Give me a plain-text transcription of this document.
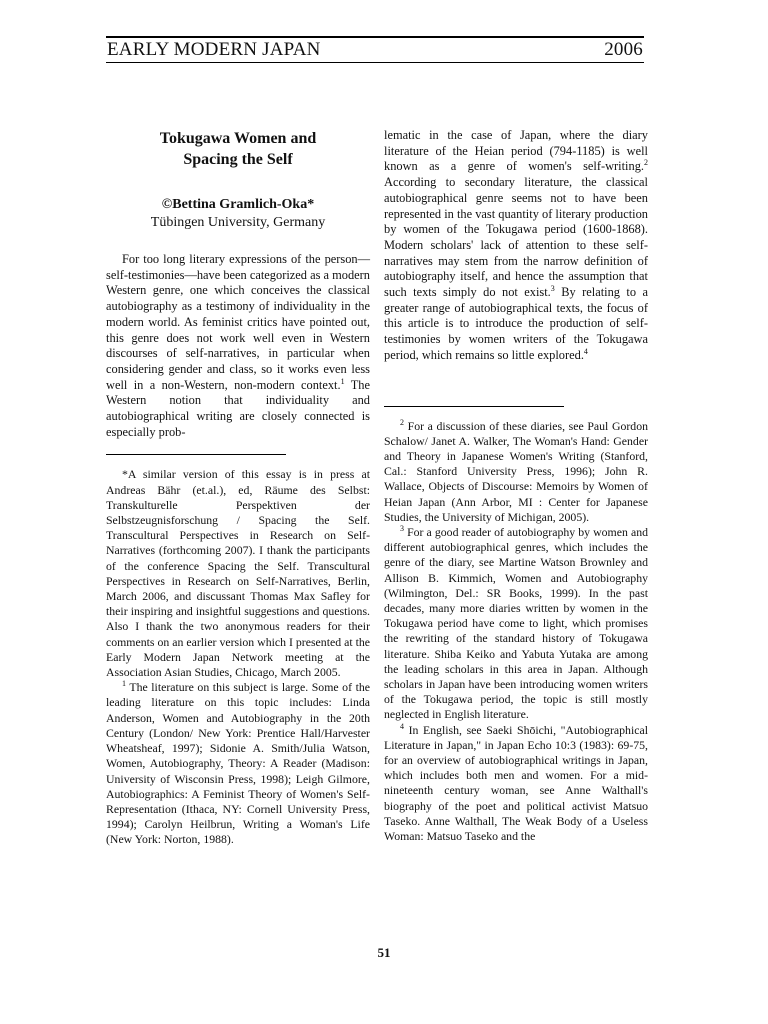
EARLY MODERN JAPAN	2006
Tokugawa Women and
Spacing the Self
©Bettina Gramlich-Oka*
Tübingen University, Germany

For too long literary expressions of the person—self-testimonies—have been categorized as a modern Western genre, one which conceives the classical autobiography as a testimony of individuality in the modern world. As feminist critics have pointed out, this genre does not work well even in Western discourses of self-narratives, in particular when considering gender and class, so it works even less well in a non-Western, non-modern context.$^1$ The Western notion that individuality and autobiographical writing are closely connected is especially prob-

*A similar version of this essay is in press at Andreas Bähr (et.al.), ed, Räume des Selbst: Transkulturelle Perspektiven der Selbstzeugnisforschung / Spacing the Self. Transcultural Perspectives in Research on Self-Narratives (forthcoming 2007). I thank the participants of the conference Spacing the Self. Transcultural Perspectives in Research on Self-Narratives, Berlin, March 2006, and discussant Thomas Max Safley for their inspiring and insightful suggestions and questions. Also I thank the two anonymous readers for their comments on an earlier version which I presented at the Early Modern Japan Network meeting at the Association Asian Studies, Chicago, March 2005.

$^1$ The literature on this subject is large. Some of the leading literature on this topic includes: Linda Anderson, Women and Autobiography in the 20th Century (London/ New York: Prentice Hall/Harvester Wheatsheaf, 1997); Sidonie A. Smith/Julia Watson, Women, Autobiography, Theory: A Reader (Madison: University of Wisconsin Press, 1998); Leigh Gilmore, Autobiographics: A Feminist Theory of Women's Self-Representation (Ithaca, NY: Cornell University Press, 1994); Carolyn Heilbrun, Writing a Woman's Life (New York: Norton, 1988).

lematic in the case of Japan, where the diary literature of the Heian period (794-1185) is well known as a genre of women's self-writing.$^2$ According to secondary literature, the classical autobiographical genre seems not to have been represented in the vast quantity of literary production by women of the Tokugawa period (1600-1868). Modern scholars' lack of attention to these self-narratives may stem from the narrow definition of autobiography itself, and hence the assumption that such texts simply do not exist.$^3$ By relating to a greater range of autobiographical texts, the focus of this article is to introduce the production of self-testimonies by women writers of the Tokugawa period, which remains so little explored.$^4$

$^2$ For a discussion of these diaries, see Paul Gordon Schalow/ Janet A. Walker, The Woman's Hand: Gender and Theory in Japanese Women's Writing (Stanford, Cal.: Stanford University Press, 1996); John R. Wallace, Objects of Discourse: Memoirs by Women of Heian Japan (Ann Arbor, MI : Center for Japanese Studies, the University of Michigan, 2005).

$^3$ For a good reader of autobiography by women and different autobiographical genres, which includes the genre of the diary, see Martine Watson Brownley and Allison B. Kimmich, Women and Autobiography (Wilmington, Del.: SR Books, 1999). In the past decades, many more diaries written by women in the Tokugawa period have come to light, which promises the rewriting of the standard history of Tokugawa literature. Shiba Keiko and Yabuta Yutaka are among the leading scholars in this area in Japan. Although scholars in Japan have been introducing women writers of the Tokugawa period, the topic is still mostly neglected in English literature.

$^4$ In English, see Saeki Shōichi, "Autobiographical Literature in Japan," in Japan Echo 10:3 (1983): 69-75, for an overview of autobiographical writings in Japan, which includes both men and women. For a mid-nineteenth century woman, see Anne Walthall's biography of the poet and political activist Matsuo Taseko. Anne Walthall, The Weak Body of a Useless Woman: Matsuo Taseko and the

51
